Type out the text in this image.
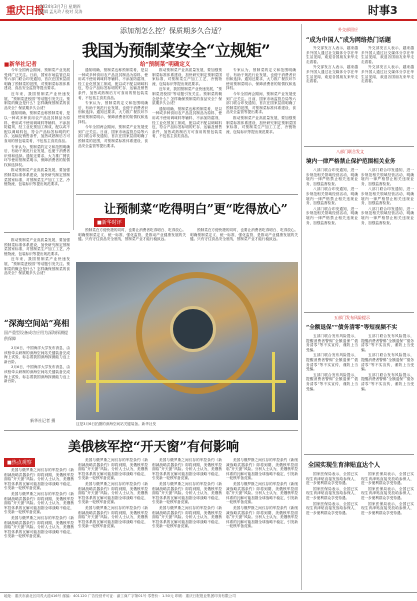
重庆日报
2024年3月7日 星期四
编辑 孟凡玲 / 校对 吴涛	时事3
添加剂怎么控？保质期多久合适？
我国为预制菜安全“立规矩”
■新华社记者

今年全国两会期间，预制菜产业发展受到广泛关注。日前，国家市场监管总局等六部门联合印发通知，首次在国家层面明确了预制菜的范围，对预制菜标准体系建设、食品安全监管等提出要求。

近年来，我国预制菜产业快速发展，“预制菜进校园”等话题引发关注。预制菜的概念是什么？怎样确保预制菜的食品安全？保质期多久合适？

通知明确，预制菜也称预制菜肴，是以一种或多种食用农产品及其制品为原料，使用或不使用调味料等辅料，不添加防腐剂，经工业化预加工制成，配以或不配以调味料包，符合产品标签标明的贮存、运输及销售条件，加热或熟制后方可食用的预包装菜肴，不包括主食类食品。

专家认为，预制菜的定义和范围明确后，有助于规范行业发展，也便于消费者识别和选择。通知还要求，大力推广餐饮环节使用预制菜明示，保障消费者的知情权和选择权。

推动预制菜产业高质量发展，要加强预制菜标准体系建设，加快研究制定预制菜国家标准，对预制菜生产加工工艺、冷链物流、包装标识等提出规范要求。

给“预制菜”明确定义

通知明确，预制菜也称预制菜肴，是以一种或多种食用农产品及其制品为原料，使用或不使用调味料等辅料，不添加防腐剂，经工业化预加工制成，配以或不配以调味料包，符合产品标签标明的贮存、运输及销售条件，加热或熟制后方可食用的预包装菜肴，不包括主食类食品。

专家认为，预制菜的定义和范围明确后，有助于规范行业发展，也便于消费者识别和选择。通知还要求，大力推广餐饮环节使用预制菜明示，保障消费者的知情权和选择权。

今年全国两会期间，预制菜产业发展受到广泛关注。日前，国家市场监管总局等六部门联合印发通知，首次在国家层面明确了预制菜的范围，对预制菜标准体系建设、食品安全监管等提出要求。

推动预制菜产业高质量发展，要加强预制菜标准体系建设，加快研究制定预制菜国家标准，对预制菜生产加工工艺、冷链物流、包装标识等提出规范要求。

近年来，我国预制菜产业快速发展，“预制菜进校园”等话题引发关注。预制菜的概念是什么？怎样确保预制菜的食品安全？保质期多久合适？

通知明确，预制菜也称预制菜肴，是以一种或多种食用农产品及其制品为原料，使用或不使用调味料等辅料，不添加防腐剂，经工业化预加工制成，配以或不配以调味料包，符合产品标签标明的贮存、运输及销售条件，加热或熟制后方可食用的预包装菜肴，不包括主食类食品。

专家认为，预制菜的定义和范围明确后，有助于规范行业发展，也便于消费者识别和选择。通知还要求，大力推广餐饮环节使用预制菜明示，保障消费者的知情权和选择权。

今年全国两会期间，预制菜产业发展受到广泛关注。日前，国家市场监管总局等六部门联合印发通知，首次在国家层面明确了预制菜的范围，对预制菜标准体系建设、食品安全监管等提出要求。

推动预制菜产业高质量发展，要加强预制菜标准体系建设，加快研究制定预制菜国家标准，对预制菜生产加工工艺、冷链物流、包装标识等提出规范要求。

让预制菜“吃得明白”更“吃得放心”
■新华时评

预制菜在方便快捷的同时，也要让消费者吃得明白、吃得放心。明确预制菜定义、统一标准、强化监管，是推动产业健康发展的关键。只有守住食品安全底线，预制菜产业才能行稳致远。

预制菜在方便快捷的同时，也要让消费者吃得明白、吃得放心。明确预制菜定义、统一标准、强化监管，是推动产业健康发展的关键。只有守住食品安全底线，预制菜产业才能行稳致远。

“深海空间站”亮相
国产重型设备成功应用为深海探测提供保障

3月6日，中国海洋大学发布消息，由该校牵头研制的深海空间站关键装备完成海上试验，标志着我国深海探测能力迈上新台阶。

3月6日，中国海洋大学发布消息，由该校牵头研制的深海空间站关键装备完成海上试验，标志着我国深海探测能力迈上新台阶。

新华社记者 摄

推动预制菜产业高质量发展，要加强预制菜标准体系建设，加快研究制定预制菜国家标准，对预制菜生产加工工艺、冷链物流、包装标识等提出规范要求。

近年来，我国预制菜产业快速发展，“预制菜进校园”等话题引发关注。预制菜的概念是什么？怎样确保预制菜的食品安全？保质期多久合适？

这是3月6日拍摄的深海空间站关键装备。新华社发
美俄核军控“开天窗”有何影响
■热点观察

美国与俄罗斯之间仅存的军控条约《新削减战略武器条约》即将到期，美俄核军控面临“开天窗”风险。分析人士认为，美俄核军控体系的瓦解可能加剧全球战略不稳定，引发新一轮核军备竞赛。

美国与俄罗斯之间仅存的军控条约《新削减战略武器条约》即将到期，美俄核军控面临“开天窗”风险。分析人士认为，美俄核军控体系的瓦解可能加剧全球战略不稳定，引发新一轮核军备竞赛。

美国与俄罗斯之间仅存的军控条约《新削减战略武器条约》即将到期，美俄核军控面临“开天窗”风险。分析人士认为，美俄核军控体系的瓦解可能加剧全球战略不稳定，引发新一轮核军备竞赛。

美国与俄罗斯之间仅存的军控条约《新削减战略武器条约》即将到期，美俄核军控面临“开天窗”风险。分析人士认为，美俄核军控体系的瓦解可能加剧全球战略不稳定，引发新一轮核军备竞赛。

美国与俄罗斯之间仅存的军控条约《新削减战略武器条约》即将到期，美俄核军控面临“开天窗”风险。分析人士认为，美俄核军控体系的瓦解可能加剧全球战略不稳定，引发新一轮核军备竞赛。

美国与俄罗斯之间仅存的军控条约《新削减战略武器条约》即将到期，美俄核军控面临“开天窗”风险。分析人士认为，美俄核军控体系的瓦解可能加剧全球战略不稳定，引发新一轮核军备竞赛。

美国与俄罗斯之间仅存的军控条约《新削减战略武器条约》即将到期，美俄核军控面临“开天窗”风险。分析人士认为，美俄核军控体系的瓦解可能加剧全球战略不稳定，引发新一轮核军备竞赛。

美国与俄罗斯之间仅存的军控条约《新削减战略武器条约》即将到期，美俄核军控面临“开天窗”风险。分析人士认为，美俄核军控体系的瓦解可能加剧全球战略不稳定，引发新一轮核军备竞赛。

美国与俄罗斯之间仅存的军控条约《新削减战略武器条约》即将到期，美俄核军控面临“开天窗”风险。分析人士认为，美俄核军控体系的瓦解可能加剧全球战略不稳定，引发新一轮核军备竞赛。

美国与俄罗斯之间仅存的军控条约《新削减战略武器条约》即将到期，美俄核军控面临“开天窗”风险。分析人士认为，美俄核军控体系的瓦解可能加剧全球战略不稳定，引发新一轮核军备竞赛。

美国与俄罗斯之间仅存的军控条约《新削减战略武器条约》即将到期，美俄核军控面临“开天窗”风险。分析人士认为，美俄核军控体系的瓦解可能加剧全球战略不稳定，引发新一轮核军备竞赛。

美国与俄罗斯之间仅存的军控条约《新削减战略武器条约》即将到期，美俄核军控面临“开天窗”风险。分析人士认为，美俄核军控体系的瓦解可能加剧全球战略不稳定，引发新一轮核军备竞赛。

外交部回应
“成为中国人”成为网络热门话题

外交部发言人表示，越来越多外国人通过社交媒体分享在华生活见闻，欢迎各国朋友来华走走看看。

外交部发言人表示，越来越多外国人通过社交媒体分享在华生活见闻，欢迎各国朋友来华走走看看。

外交部发言人表示，越来越多外国人通过社交媒体分享在华生活见闻，欢迎各国朋友来华走走看看。

外交部发言人表示，越来越多外国人通过社交媒体分享在华生活见闻，欢迎各国朋友来华走走看看。

八部门联合发文
境内一律严格禁止保护范围相关业务

八部门联合印发通知，进一步规范相关领域经营活动，明确境内一律严格禁止相关违规业务，加强监督检查。

八部门联合印发通知，进一步规范相关领域经营活动，明确境内一律严格禁止相关违规业务，加强监督检查。

八部门联合印发通知，进一步规范相关领域经营活动，明确境内一律严格禁止相关违规业务，加强监督检查。

八部门联合印发通知，进一步规范相关领域经营活动，明确境内一律严格禁止相关违规业务，加强监督检查。

八部门联合印发通知，进一步规范相关领域经营活动，明确境内一律严格禁止相关违规业务，加强监督检查。

八部门联合印发通知，进一步规范相关领域经营活动，明确境内一律严格禁止相关违规业务，加强监督检查。

五部门发布风险提示
“全额退保”“债务清零”等短视频不实

五部门联合发布风险提示，提醒消费者警惕“全额退保”“债务清零”等不实宣传，谨防上当受骗。

五部门联合发布风险提示，提醒消费者警惕“全额退保”“债务清零”等不实宣传，谨防上当受骗。

五部门联合发布风险提示，提醒消费者警惕“全额退保”“债务清零”等不实宣传，谨防上当受骗。

五部门联合发布风险提示，提醒消费者警惕“全额退保”“债务清零”等不实宣传，谨防上当受骗。

五部门联合发布风险提示，提醒消费者警惕“全额退保”“债务清零”等不实宣传，谨防上当受骗。

五部门联合发布风险提示，提醒消费者警惕“全额退保”“债务清零”等不实宣传，谨防上当受骗。

全国实现生育津贴直达个人

国家医保局表示，全国已实现生育津贴直接发放给参保人，进一步便利群众享受待遇。

国家医保局表示，全国已实现生育津贴直接发放给参保人，进一步便利群众享受待遇。

国家医保局表示，全国已实现生育津贴直接发放给参保人，进一步便利群众享受待遇。

国家医保局表示，全国已实现生育津贴直接发放给参保人，进一步便利群众享受待遇。

国家医保局表示，全国已实现生育津贴直接发放给参保人，进一步便利群众享受待遇。

国家医保局表示，全国已实现生育津贴直接发放给参保人，进一步便利群众享受待遇。

地址：重庆市渝北区同茂大道416号 邮编：401120 广告经营许可证：渝工商广字第01号 零售价：1.50元 印刷：重庆日报报业集团印务有限公司
